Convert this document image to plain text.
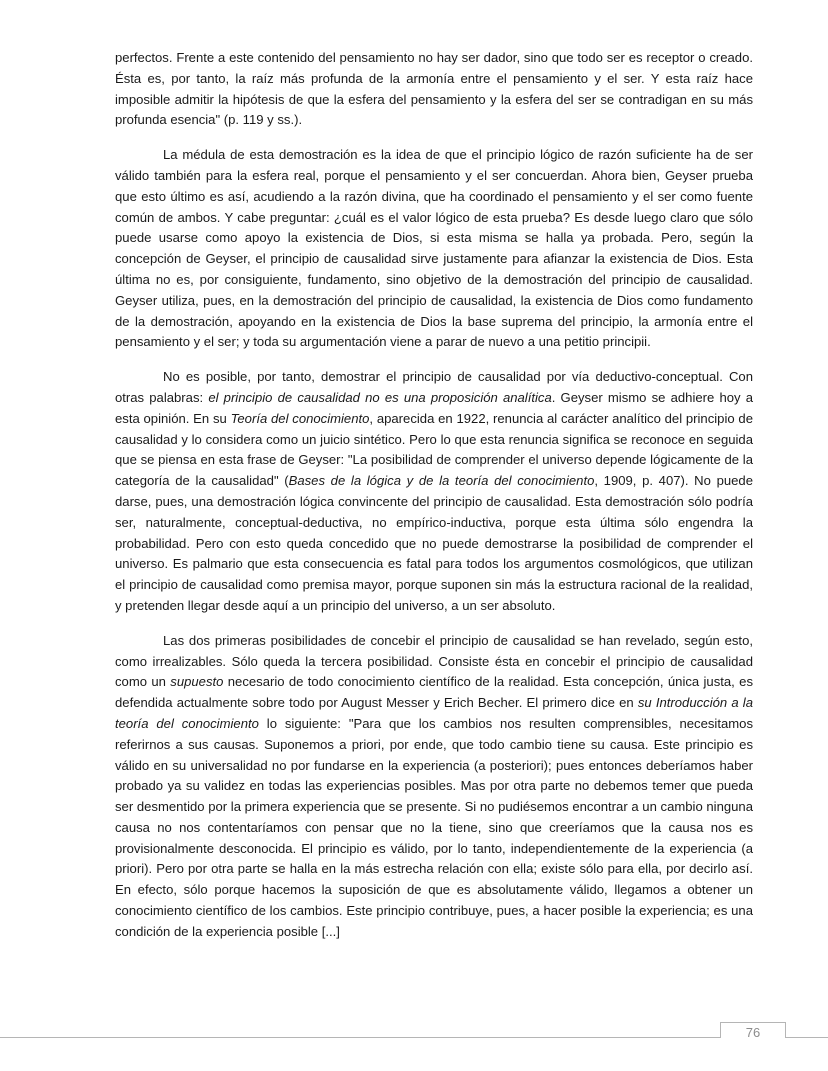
perfectos. Frente a este contenido del pensamiento no hay ser dador, sino que todo ser es receptor o creado. Ésta es, por tanto, la raíz más profunda de la armonía entre el pensamiento y el ser. Y esta raíz hace imposible admitir la hipótesis de que la esfera del pensamiento y la esfera del ser se contradigan en su más profunda esencia" (p. 119 y ss.).

La médula de esta demostración es la idea de que el principio lógico de razón suficiente ha de ser válido también para la esfera real, porque el pensamiento y el ser concuerdan. Ahora bien, Geyser prueba que esto último es así, acudiendo a la razón divina, que ha coordinado el pensamiento y el ser como fuente común de ambos. Y cabe preguntar: ¿cuál es el valor lógico de esta prueba? Es desde luego claro que sólo puede usarse como apoyo la existencia de Dios, si esta misma se halla ya probada. Pero, según la concepción de Geyser, el principio de causalidad sirve justamente para afianzar la existencia de Dios. Esta última no es, por consiguiente, fundamento, sino objetivo de la demostración del principio de causalidad. Geyser utiliza, pues, en la demostración del principio de causalidad, la existencia de Dios como fundamento de la demostración, apoyando en la existencia de Dios la base suprema del principio, la armonía entre el pensamiento y el ser; y toda su argumentación viene a parar de nuevo a una petitio principii.

No es posible, por tanto, demostrar el principio de causalidad por vía deductivo-conceptual. Con otras palabras: el principio de causalidad no es una proposición analítica. Geyser mismo se adhiere hoy a esta opinión. En su Teoría del conocimiento, aparecida en 1922, renuncia al carácter analítico del principio de causalidad y lo considera como un juicio sintético. Pero lo que esta renuncia significa se reconoce en seguida que se piensa en esta frase de Geyser: "La posibilidad de comprender el universo depende lógicamente de la categoría de la causalidad" (Bases de la lógica y de la teoría del conocimiento, 1909, p. 407). No puede darse, pues, una demostración lógica convincente del principio de causalidad. Esta demostración sólo podría ser, naturalmente, conceptual-deductiva, no empírico-inductiva, porque esta última sólo engendra la probabilidad. Pero con esto queda concedido que no puede demostrarse la posibilidad de comprender el universo. Es palmario que esta consecuencia es fatal para todos los argumentos cosmológicos, que utilizan el principio de causalidad como premisa mayor, porque suponen sin más la estructura racional de la realidad, y pretenden llegar desde aquí a un principio del universo, a un ser absoluto.

Las dos primeras posibilidades de concebir el principio de causalidad se han revelado, según esto, como irrealizables. Sólo queda la tercera posibilidad. Consiste ésta en concebir el principio de causalidad como un supuesto necesario de todo conocimiento científico de la realidad. Esta concepción, única justa, es defendida actualmente sobre todo por August Messer y Erich Becher. El primero dice en su Introducción a la teoría del conocimiento lo siguiente: "Para que los cambios nos resulten comprensibles, necesitamos referirnos a sus causas. Suponemos a priori, por ende, que todo cambio tiene su causa. Este principio es válido en su universalidad no por fundarse en la experiencia (a posteriori); pues entonces deberíamos haber probado ya su validez en todas las experiencias posibles. Mas por otra parte no debemos temer que pueda ser desmentido por la primera experiencia que se presente. Si no pudiésemos encontrar a un cambio ninguna causa no nos contentaríamos con pensar que no la tiene, sino que creeríamos que la causa nos es provisionalmente desconocida. El principio es válido, por lo tanto, independientemente de la experiencia (a priori). Pero por otra parte se halla en la más estrecha relación con ella; existe sólo para ella, por decirlo así. En efecto, sólo porque hacemos la suposición de que es absolutamente válido, llegamos a obtener un conocimiento científico de los cambios. Este principio contribuye, pues, a hacer posible la experiencia; es una condición de la experiencia posible [...]

76
